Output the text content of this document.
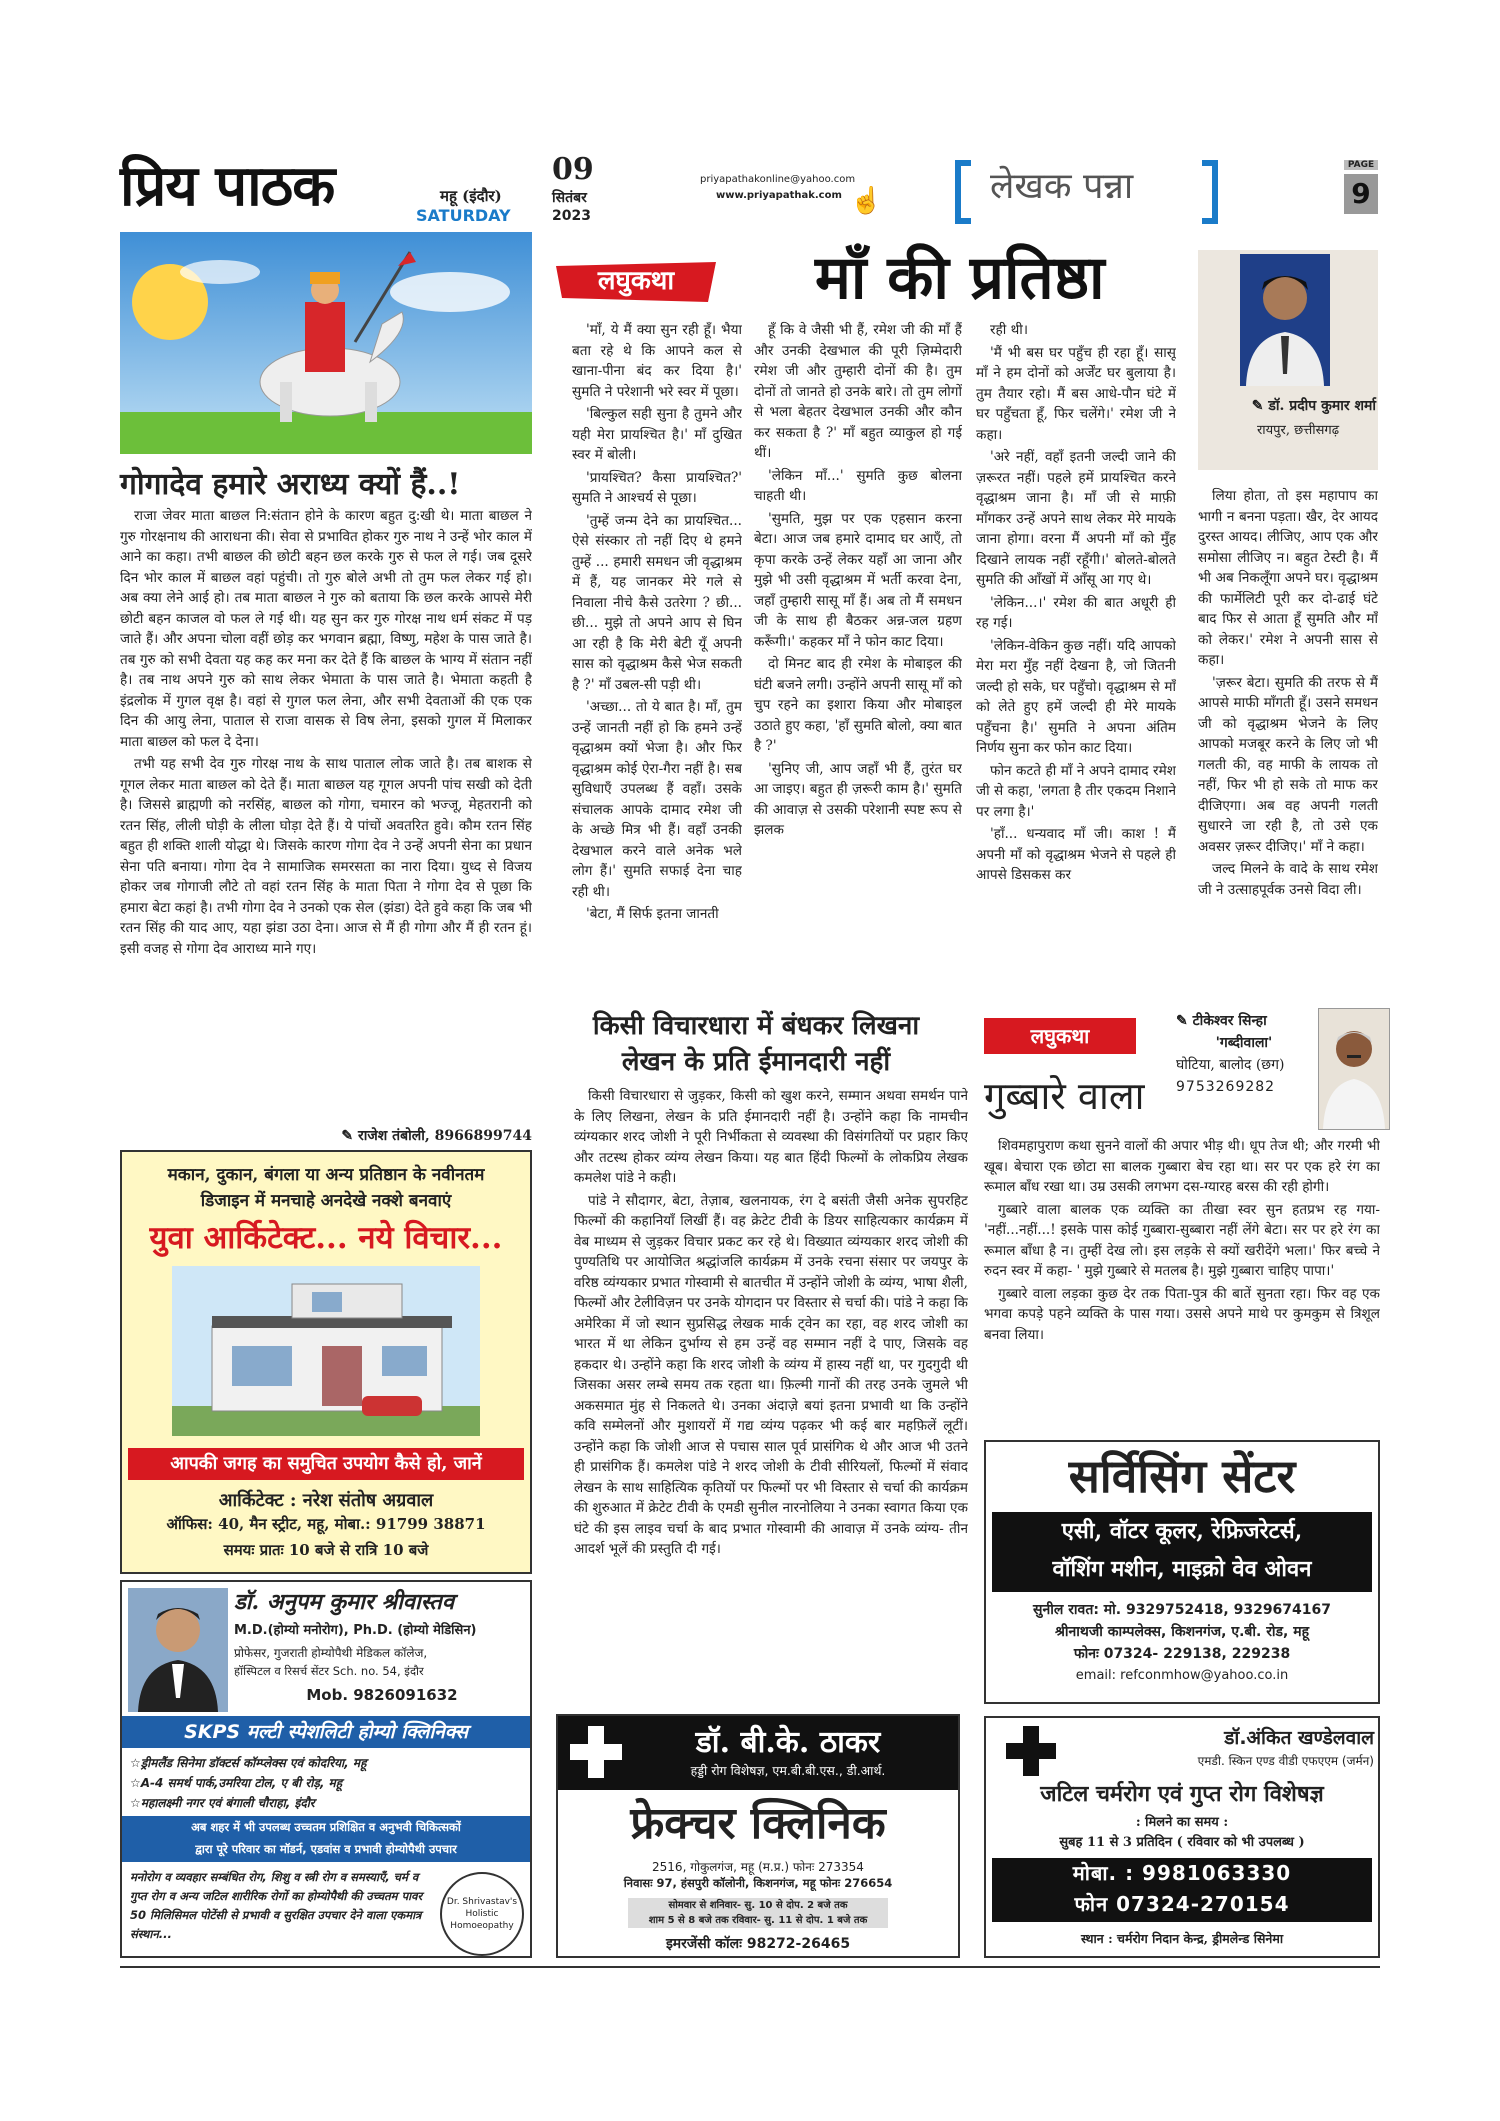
प्रिय पाठक	महू (इंदौर)
SATURDAY
09
सितंबर
2023
priyapathakonline@yahoo.com
www.priyapathak.com ☝	लेखक पन्ना
PAGE
9
गोगादेव हमारे अराध्य क्यों हैं..!

राजा जेवर माता बाछल नि:संतान होने के कारण बहुत दु:खी थे। माता बाछल ने गुरु गोरक्षनाथ की आराधना की। सेवा से प्रभावित होकर गुरु नाथ ने उन्हें भोर काल में आने का कहा। तभी बाछल की छोटी बहन छल करके गुरु से फल ले गई। जब दूसरे दिन भोर काल में बाछल वहां पहुंची। तो गुरु बोले अभी तो तुम फल लेकर गई हो। अब क्या लेने आई हो। तब माता बाछल ने गुरु को बताया कि छल करके आपसे मेरी छोटी बहन काजल वो फल ले गई थी। यह सुन कर गुरु गोरक्ष नाथ धर्म संकट में पड़ जाते हैं। और अपना चोला वहीं छोड़ कर भगवान ब्रह्मा, विष्णु, महेश के पास जाते है। तब गुरु को सभी देवता यह कह कर मना कर देते हैं कि बाछल के भाग्य में संतान नहीं है। तब नाथ अपने गुरु को साथ लेकर भेमाता के पास जाते है। भेमाता कहती है इंद्रलोक में गुगल वृक्ष है। वहां से गुगल फल लेना, और सभी देवताओं की एक एक दिन की आयु लेना, पाताल से राजा वासक से विष लेना, इसको गुगल में मिलाकर माता बाछल को फल दे देना।

तभी यह सभी देव गुरु गोरक्ष नाथ के साथ पाताल लोक जाते है। तब बाशक से गूगल लेकर माता बाछल को देते हैं। माता बाछल यह गूगल अपनी पांच सखी को देती है। जिससे ब्राह्मणी को नरसिंह, बाछल को गोगा, चमारन को भज्जू, मेहतरानी को रतन सिंह, लीली घोड़ी के लीला घोड़ा देते हैं। ये पांचों अवतरित हुवे। कौम रतन सिंह बहुत ही शक्ति शाली योद्धा थे। जिसके कारण गोगा देव ने उन्हें अपनी सेना का प्रधान सेना पति बनाया। गोगा देव ने सामाजिक समरसता का नारा दिया। युध्द से विजय होकर जब गोगाजी लौटे तो वहां रतन सिंह के माता पिता ने गोगा देव से पूछा कि हमारा बेटा कहां है। तभी गोगा देव ने उनको एक सेल (झंडा) देते हुवे कहा कि जब भी रतन सिंह की याद आए, यहा झंडा उठा देना। आज से मैं ही गोगा और मैं ही रतन हूं। इसी वजह से गोगा देव आराध्य माने गए।

✎ राजेश तंबोली, 8966899744
मकान, दुकान, बंगला या अन्य प्रतिष्ठान के नवीनतम
डिजाइन में मनचाहे अनदेखे नक्शे बनवाएं
युवा आर्किटेक्ट... नये विचार...
आपकी जगह का समुचित उपयोग कैसे हो, जानें
आर्किटेक्ट : नरेश संतोष अग्रवाल
ऑफिस: 40, मैन स्ट्रीट, महू, मोबा.: 91799 38871
समयः प्रातः 10 बजे से रात्रि 10 बजे
डॉ. अनुपम कुमार श्रीवास्तव
M.D.(होम्यो मनोरोग), Ph.D. (होम्यो मेडिसिन)
प्रोफेसर, गुजराती होम्योपैथी मेडिकल कॉलेज,
हॉस्पिटल व रिसर्च सेंटर Sch. no. 54, इंदौर
Mob. 9826091632
SKPS मल्टी स्पेशलिटी होम्यो क्लिनिक्स
☆ड्रीमलैंड सिनेमा डॉक्टर्स कॉम्प्लेक्स एवं कोदरिया, महू
☆A-4 समर्थ पार्क,उमरिया टोल, ए बी रोड़, महू
☆महालक्ष्मी नगर एवं बंगाली चौराहा, इंदौर
अब शहर में भी उपलब्ध उच्चतम प्रशिक्षित व अनुभवी चिकित्सकों
द्वारा पूरे परिवार का मॉडर्न, एडवांस व प्रभावी होम्योपैथी उपचार
मनोरोग व व्यवहार सम्बंधित रोग, शिशु व स्त्री रोग व समस्याएँ, चर्म व गुप्त रोग व अन्य जटिल शारीरिक रोगों का होम्योपैथी की उच्चतम पावर 50 मिलिसिमल पोटेंसी से प्रभावी व सुरक्षित उपचार देने वाला एकमात्र संस्थान...
Dr. Shrivastav's Holistic Homoeopathy
लघुकथा	माँ की प्रतिष्ठा

'माँ, ये मैं क्या सुन रही हूँ। भैया बता रहे थे कि आपने कल से खाना-पीना बंद कर दिया है।' सुमति ने परेशानी भरे स्वर में पूछा।

'बिल्कुल सही सुना है तुमने और यही मेरा प्रायश्चित है।' माँ दुखित स्वर में बोली।

'प्रायश्चित? कैसा प्रायश्चित?' सुमति ने आश्चर्य से पूछा।

'तुम्हें जन्म देने का प्रायश्चित... ऐसे संस्कार तो नहीं दिए थे हमने तुम्हें ... हमारी समधन जी वृद्धाश्रम में हैं, यह जानकर मेरे गले से निवाला नीचे कैसे उतरेगा ? छी... छी... मुझे तो अपने आप से घिन आ रही है कि मेरी बेटी यूँ अपनी सास को वृद्धाश्रम कैसे भेज सकती है ?' माँ उबल-सी पड़ी थी।

'अच्छा... तो ये बात है। माँ, तुम उन्हें जानती नहीं हो कि हमने उन्हें वृद्धाश्रम क्यों भेजा है। और फिर वृद्धाश्रम कोई ऐरा-गैरा नहीं है। सब सुविधाएँ उपलब्ध हैं वहाँ। उसके संचालक आपके दामाद रमेश जी के अच्छे मित्र भी हैं। वहाँ उनकी देखभाल करने वाले अनेक भले लोग हैं।' सुमति सफाई देना चाह रही थी।

'बेटा, मैं सिर्फ इतना जानती

हूँ कि वे जैसी भी हैं, रमेश जी की माँ हैं और उनकी देखभाल की पूरी ज़िम्मेदारी रमेश जी और तुम्हारी दोनों की है। तुम दोनों तो जानते हो उनके बारे। तो तुम लोगों से भला बेहतर देखभाल उनकी और कौन कर सकता है ?' माँ बहुत व्याकुल हो गई थीं।

'लेकिन माँ...' सुमति कुछ बोलना चाहती थी।

'सुमति, मुझ पर एक एहसान करना बेटा। आज जब हमारे दामाद घर आएँ, तो कृपा करके उन्हें लेकर यहाँ आ जाना और मुझे भी उसी वृद्धाश्रम में भर्ती करवा देना, जहाँ तुम्हारी सासू माँ हैं। अब तो मैं समधन जी के साथ ही बैठकर अन्न-जल ग्रहण करूँगी।' कहकर माँ ने फोन काट दिया।

दो मिनट बाद ही रमेश के मोबाइल की घंटी बजने लगी। उन्होंने अपनी सासू माँ को चुप रहने का इशारा किया और मोबाइल उठाते हुए कहा, 'हाँ सुमति बोलो, क्या बात है ?'

'सुनिए जी, आप जहाँ भी हैं, तुरंत घर आ जाइए। बहुत ही ज़रूरी काम है।' सुमति की आवाज़ से उसकी परेशानी स्पष्ट रूप से झलक

रही थी।

'मैं भी बस घर पहुँच ही रहा हूँ। सासू माँ ने हम दोनों को अर्जेंट घर बुलाया है। तुम तैयार रहो। मैं बस आधे-पौन घंटे में घर पहुँचता हूँ, फिर चलेंगे।' रमेश जी ने कहा।

'अरे नहीं, वहाँ इतनी जल्दी जाने की ज़रूरत नहीं। पहले हमें प्रायश्चित करने वृद्धाश्रम जाना है। माँ जी से माफ़ी माँगकर उन्हें अपने साथ लेकर मेरे मायके जाना होगा। वरना मैं अपनी माँ को मुँह दिखाने लायक नहीं रहूँगी।' बोलते-बोलते सुमति की आँखों में आँसू आ गए थे।

'लेकिन...।' रमेश की बात अधूरी ही रह गई।

'लेकिन-वेकिन कुछ नहीं। यदि आपको मेरा मरा मुँह नहीं देखना है, जो जितनी जल्दी हो सके, घर पहुँचो। वृद्धाश्रम से माँ को लेते हुए हमें जल्दी ही मेरे मायके पहुँचना है।' सुमति ने अपना अंतिम निर्णय सुना कर फोन काट दिया।

फोन कटते ही माँ ने अपने दामाद रमेश जी से कहा, 'लगता है तीर एकदम निशाने पर लगा है।'

'हाँ... धन्यवाद माँ जी। काश ! मैं अपनी माँ को वृद्धाश्रम भेजने से पहले ही आपसे डिसकस कर

✎ डॉ. प्रदीप कुमार शर्मा
रायपुर, छत्तीसगढ़

लिया होता, तो इस महापाप का भागी न बनना पड़ता। खैर, देर आयद दुरस्त आयद। लीजिए, आप एक और समोसा लीजिए न। बहुत टेस्टी है। मैं भी अब निकलूँगा अपने घर। वृद्धाश्रम की फार्मेलिटी पूरी कर दो-ढाई घंटे बाद फिर से आता हूँ सुमति और माँ को लेकर।' रमेश ने अपनी सास से कहा।

'ज़रूर बेटा। सुमति की तरफ से मैं आपसे माफी माँगती हूँ। उसने समधन जी को वृद्धाश्रम भेजने के लिए आपको मजबूर करने के लिए जो भी गलती की, वह माफी के लायक तो नहीं, फिर भी हो सके तो माफ कर दीजिएगा। अब वह अपनी गलती सुधारने जा रही है, तो उसे एक अवसर ज़रूर दीजिए।' माँ ने कहा।

जल्द मिलने के वादे के साथ रमेश जी ने उत्साहपूर्वक उनसे विदा ली।

किसी विचारधारा में बंधकर लिखना
लेखन के प्रति ईमानदारी नहीं

किसी विचारधारा से जुड़कर, किसी को खुश करने, सम्मान अथवा समर्थन पाने के लिए लिखना, लेखन के प्रति ईमानदारी नहीं है। उन्होंने कहा कि नामचीन व्यंग्यकार शरद जोशी ने पूरी निर्भीकता से व्यवस्था की विसंगतियों पर प्रहार किए और तटस्थ होकर व्यंग्य लेखन किया। यह बात हिंदी फिल्मों के लोकप्रिय लेखक कमलेश पांडे ने कही।

पांडे ने सौदागर, बेटा, तेज़ाब, खलनायक, रंग दे बसंती जैसी अनेक सुपरहिट फिल्मों की कहानियाँ लिखीं हैं। वह क्रेटेट टीवी के डियर साहित्यकार कार्यक्रम में वेब माध्यम से जुड़कर विचार प्रकट कर रहे थे। विख्यात व्यंग्यकार शरद जोशी की पुण्यतिथि पर आयोजित श्रद्धांजलि कार्यक्रम में उनके रचना संसार पर जयपुर के वरिष्ठ व्यंग्यकार प्रभात गोस्वामी से बातचीत में उन्होंने जोशी के व्यंग्य, भाषा शैली, फिल्मों और टेलीविज़न पर उनके योगदान पर विस्तार से चर्चा की। पांडे ने कहा कि अमेरिका में जो स्थान सुप्रसिद्ध लेखक मार्क ट्वेन का रहा, वह शरद जोशी का भारत में था लेकिन दुर्भाग्य से हम उन्हें वह सम्मान नहीं दे पाए, जिसके वह हकदार थे। उन्होंने कहा कि शरद जोशी के व्यंग्य में हास्य नहीं था, पर गुदगुदी थी जिसका असर लम्बे समय तक रहता था। फ़िल्मी गानों की तरह उनके जुमले भी अकसमात मुंह से निकलते थे। उनका अंदाज़े बयां इतना प्रभावी था कि उन्होंने कवि सम्मेलनों और मुशायरों में गद्य व्यंग्य पढ़कर भी कई बार महफ़िलें लूटीं। उन्होंने कहा कि जोशी आज से पचास साल पूर्व प्रासंगिक थे और आज भी उतने ही प्रासंगिक हैं। कमलेश पांडे ने शरद जोशी के टीवी सीरियलों, फिल्मों में संवाद लेखन के साथ साहित्यिक कृतियों पर फिल्मों पर भी विस्तार से चर्चा की कार्यक्रम की शुरुआत में क्रेटेट टीवी के एमडी सुनील नारनोलिया ने उनका स्वागत किया एक घंटे की इस लाइव चर्चा के बाद प्रभात गोस्वामी की आवाज़ में उनके व्यंग्य- तीन आदर्श भूलें की प्रस्तुति दी गई।

लघुकथा
गुब्बारे वाला
✎ टीकेश्वर सिन्हा
'गब्दीवाला'
घोटिया, बालोद (छग)
9753269282

शिवमहापुराण कथा सुनने वालों की अपार भीड़ थी। धूप तेज थी; और गरमी भी खूब। बेचारा एक छोटा सा बालक गुब्बारा बेच रहा था। सर पर एक हरे रंग का रूमाल बाँध रखा था। उम्र उसकी लगभग दस-ग्यारह बरस की रही होगी।

गुब्बारे वाला बालक एक व्यक्ति का तीखा स्वर सुन हतप्रभ रह गया- 'नहीं...नहीं...! इसके पास कोई गुब्बारा-सुब्बारा नहीं लेंगे बेटा। सर पर हरे रंग का रूमाल बाँधा है न। तुम्हीं देख लो। इस लड़के से क्यों खरीदेंगे भला।' फिर बच्चे ने रुदन स्वर में कहा- ' मुझे गुब्बारे से मतलब है। मुझे गुब्बारा चाहिए पापा।'

गुब्बारे वाला लड़का कुछ देर तक पिता-पुत्र की बातें सुनता रहा। फिर वह एक भगवा कपड़े पहने व्यक्ति के पास गया। उससे अपने माथे पर कुमकुम से त्रिशूल बनवा लिया।

सर्विसिंग सेंटर
एसी, वॉटर कूलर, रेफ्रिजरेटर्स,
वॉशिंग मशीन, माइक्रो वेव ओवन
सुनील रावत: मो. 9329752418, 9329674167
श्रीनाथजी काम्पलेक्स, किशनगंज, ए.बी. रोड, महू
फोनः 07324- 229138, 229238
email: refconmhow@yahoo.co.in
डॉ. बी.के. ठाकर
हड्डी रोग विशेषज्ञ, एम.बी.बी.एस., डी.आर्थ.
फ्रेक्चर क्लिनिक
2516, गोकुलगंज, महू (म.प्र.) फोनः 273354
निवासः 97, हंसपुरी कॉलोनी, किशनगंज, महू फोनः 276654
सोमवार से शनिवार- सु. 10 से दोप. 2 बजे तक
शाम 5 से 8 बजे तक रविवार- सु. 11 से दोप. 1 बजे तक
इमरजेंसी कॉलः 98272-26465
डॉ.अंकित खण्डेलवाल
एमडी. स्किन एण्ड वीडी एफएएम (जर्मन)
जटिल चर्मरोग एवं गुप्त रोग विशेषज्ञ
: मिलने का समय :
सुबह 11 से 3 प्रतिदिन ( रविवार को भी उपलब्ध )
मोबा. : 9981063330
फोन 07324-270154
स्थान : चर्मरोग निदान केन्द्र, ड्रीमलेन्ड सिनेमा
